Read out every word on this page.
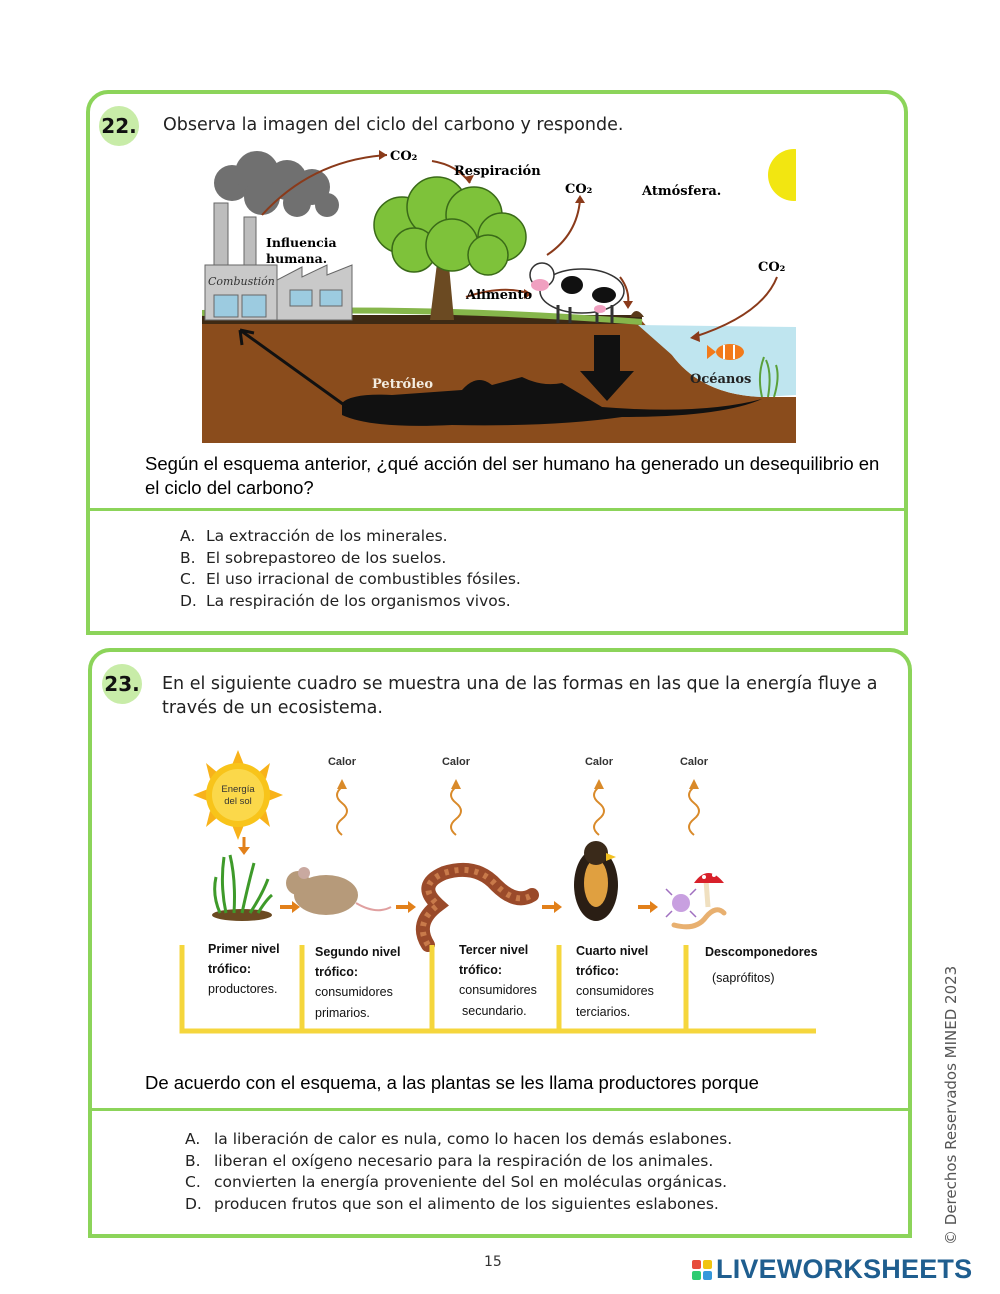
22. Observa la imagen del ciclo del carbono y responde.
CO₂
Respiración
CO₂	Atmósfera.
CO₂
Influencia
humana.
Combustión
Alimento
Petróleo	Océanos
Según el esquema anterior, ¿qué acción del ser humano ha generado un desequilibrio en el ciclo del carbono?
A. La extracción de los minerales.
B. El sobrepastoreo de los suelos.
C. El uso irracional de combustibles fósiles.
D. La respiración de los organismos vivos.
23. En el siguiente cuadro se muestra una de las formas en las que la energía fluye a través de un ecosistema.
Energía
del sol
Calor	Calor	Calor	Calor
Primer nivel
trófico:
productores.
Segundo nivel
trófico:
consumidores
primarios.
Tercer nivel
trófico:
consumidores
secundario.
Cuarto nivel
trófico:
consumidores
terciarios.
Descomponedores
(saprófitos)
De acuerdo con el esquema, a las plantas se les llama productores porque
A. la liberación de calor es nula, como lo hacen los demás eslabones.
B. liberan el oxígeno necesario para la respiración de los animales.
C. convierten la energía proveniente del Sol en moléculas orgánicas.
D. producen frutos que son el alimento de los siguientes eslabones.	© Derechos Reservados MINED 2023
15	LIVEWORKSHEETS
